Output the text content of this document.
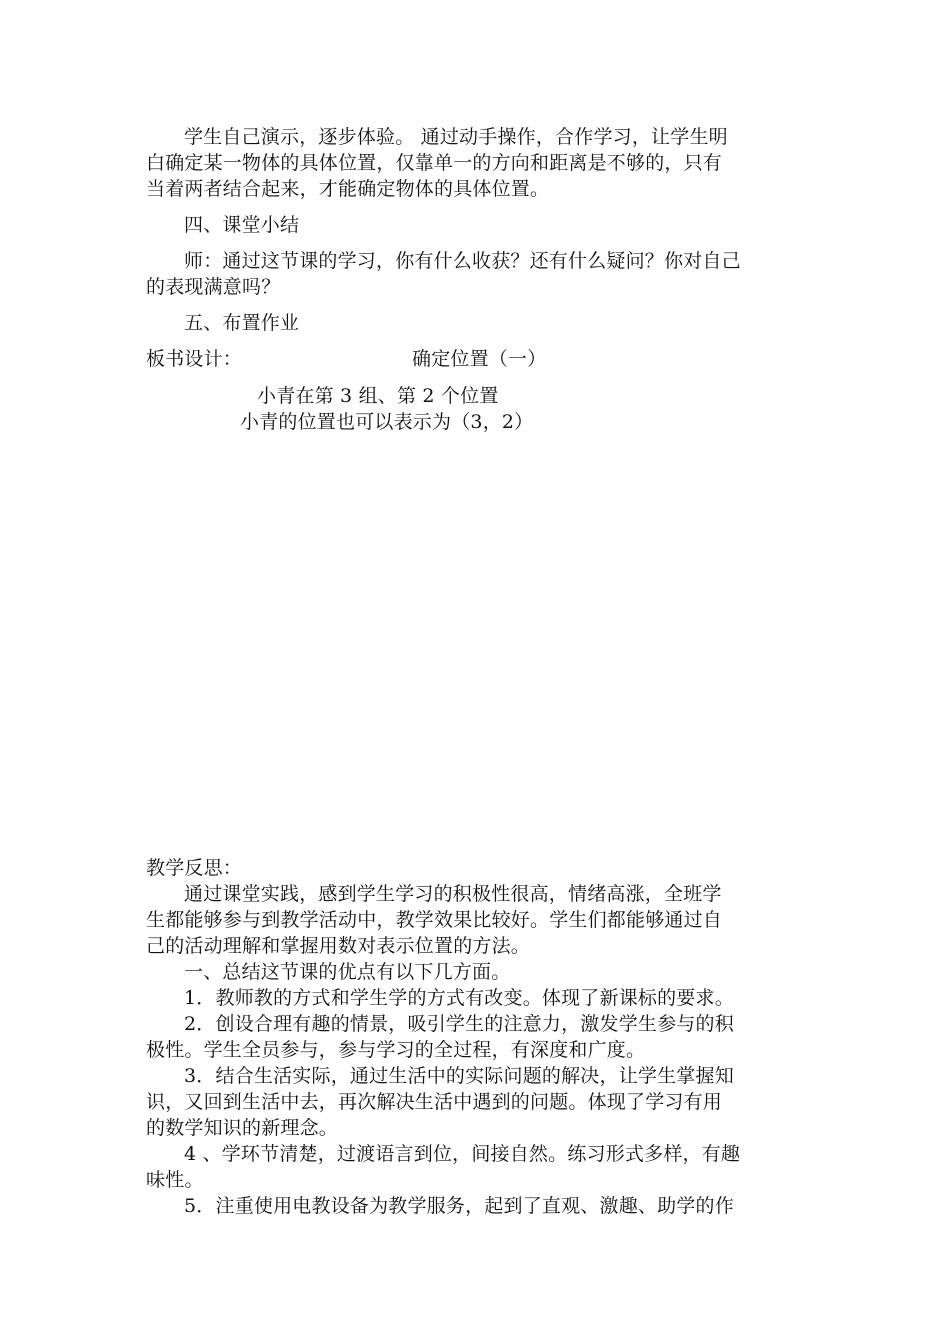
学生自己演示，逐步体验。 通过动手操作，合作学习，让学生明
白确定某一物体的具体位置，仅靠单一的方向和距离是不够的，只有
当着两者结合起来，才能确定物体的具体位置。
四、课堂小结
师：通过这节课的学习，你有什么收获？还有什么疑问？你对自己
的表现满意吗？
五、布置作业
板书设计：	确定位置（一）
小青在第 3 组、第 2 个位置
小青的位置也可以表示为（3，2）
教学反思：
通过课堂实践，感到学生学习的积极性很高，情绪高涨，全班学
生都能够参与到教学活动中，教学效果比较好。学生们都能够通过自
己的活动理解和掌握用数对表示位置的方法。
一、总结这节课的优点有以下几方面。
1．教师教的方式和学生学的方式有改变。体现了新课标的要求。
2．创设合理有趣的情景，吸引学生的注意力，激发学生参与的积
极性。学生全员参与，参与学习的全过程，有深度和广度。
3．结合生活实际，通过生活中的实际问题的解决，让学生掌握知
识，又回到生活中去，再次解决生活中遇到的问题。体现了学习有用
的数学知识的新理念。
4 、学环节清楚，过渡语言到位，间接自然。练习形式多样，有趣
味性。
5．注重使用电教设备为教学服务，起到了直观、激趣、助学的作
